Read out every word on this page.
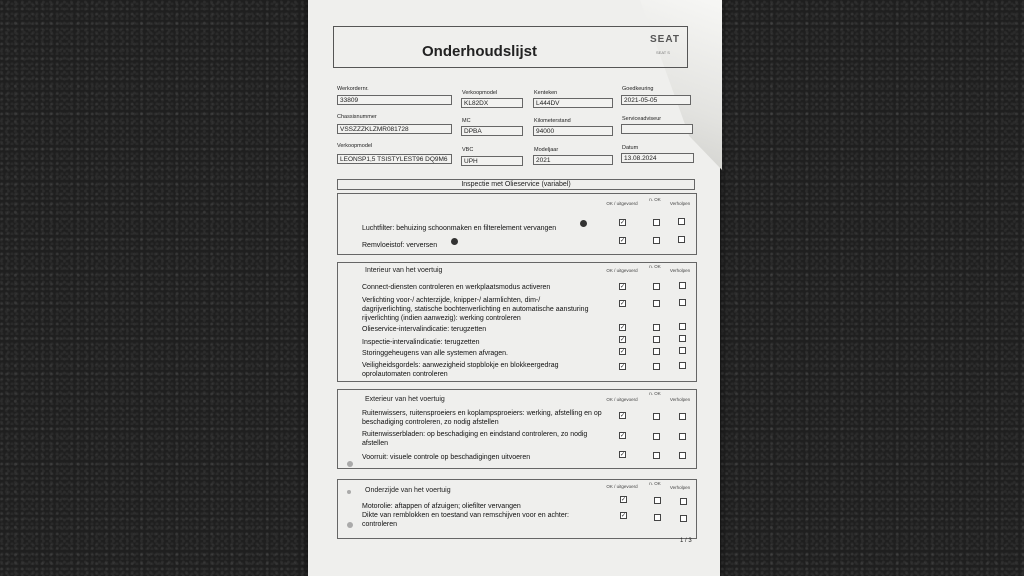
Onderhoudslijst
SEAT
SEAT S
Werkordernr.
33809
Verkoopmodel
KL82DX
Kenteken
L444DV
Goedkeuring
2021-05-05
Chassisnummer
VSSZZZKLZMR081728
MC
DPBA
Kilometerstand
94000
Serviceadviseur
Verkoopmodel
LEONSP1,5 TSISTYLEST96 DQ9M6
VBC
UPH
Modeljaar
2021
Datum
13.08.2024
Inspectie met Olieservice (variabel)
OK / uitgevoerd
n. OK
Verholpen
Luchtfilter: behuizing schoonmaken en filterelement vervangen
Remvloeistof: verversen
✓
✓
Interieur van het voertuig	OK / uitgevoerd
n. OK
Verholpen
Connect-diensten controleren en werkplaatsmodus activeren
Verlichting voor-/ achterzijde, knipper-/ alarmlichten, dim-/ dagrijverlichting, statische bochtenverlichting en automatische aansturing rijverlichting (indien aanwezig): werking controleren
Olieservice-intervalindicatie: terugzetten
Inspectie-intervalindicatie: terugzetten
Storinggeheugens van alle systemen afvragen.
Veiligheidsgordels: aanwezigheid stopblokje en blokkeergedrag oprolautomaten controleren
✓
✓
✓
✓
✓
✓
Exterieur van het voertuig	OK / uitgevoerd
n. OK
Verholpen
Ruitenwissers, ruitensproeiers en koplampsproeiers: werking, afstelling en op beschadiging controleren, zo nodig afstellen
Ruitenwisserbladen: op beschadiging en eindstand controleren, zo nodig afstellen
Voorruit: visuele controle op beschadigingen uitvoeren
✓
✓
✓
Onderzijde van het voertuig
OK / uitgevoerd
n. OK
Verholpen
Motorolie: aftappen of afzuigen; oliefilter vervangen
Dikte van remblokken en toestand van remschijven voor en achter: controleren
✓
✓
1 / 3
